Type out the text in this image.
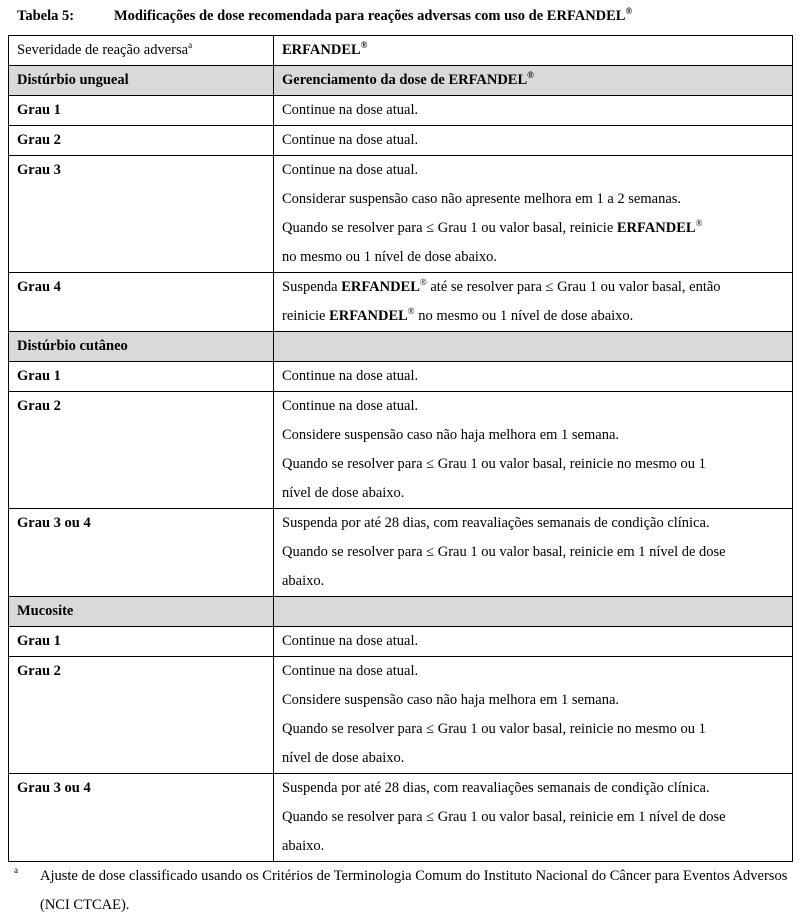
Tabela 5:	Modificações de dose recomendada para reações adversas com uso de ERFANDEL®
Severidade de reação adversa$^a$	ERFANDEL®
Distúrbio ungueal	Gerenciamento da dose de ERFANDEL®
Grau 1	Continue na dose atual.

Grau 2	Continue na dose atual.

Grau 3	Continue na dose atual.
Considerar suspensão caso não apresente melhora em 1 a 2 semanas.
Quando se resolver para ≤ Grau 1 ou valor basal, reinicie ERFANDEL®
no mesmo ou 1 nível de dose abaixo.

Grau 4	Suspenda ERFANDEL® até se resolver para ≤ Grau 1 ou valor basal, então
reinicie ERFANDEL® no mesmo ou 1 nível de dose abaixo.

Distúrbio cutâneo	
Grau 1	Continue na dose atual.

Grau 2	Continue na dose atual.
Considere suspensão caso não haja melhora em 1 semana.
Quando se resolver para ≤ Grau 1 ou valor basal, reinicie no mesmo ou 1
nível de dose abaixo.

Grau 3 ou 4	Suspenda por até 28 dias, com reavaliações semanais de condição clínica.
Quando se resolver para ≤ Grau 1 ou valor basal, reinicie em 1 nível de dose
abaixo.

Mucosite	
Grau 1	Continue na dose atual.

Grau 2	Continue na dose atual.
Considere suspensão caso não haja melhora em 1 semana.
Quando se resolver para ≤ Grau 1 ou valor basal, reinicie no mesmo ou 1
nível de dose abaixo.

Grau 3 ou 4	Suspenda por até 28 dias, com reavaliações semanais de condição clínica.
Quando se resolver para ≤ Grau 1 ou valor basal, reinicie em 1 nível de dose
abaixo.
a Ajuste de dose classificado usando os Critérios de Terminologia Comum do Instituto Nacional do Câncer para Eventos Adversos (NCI CTCAE).
